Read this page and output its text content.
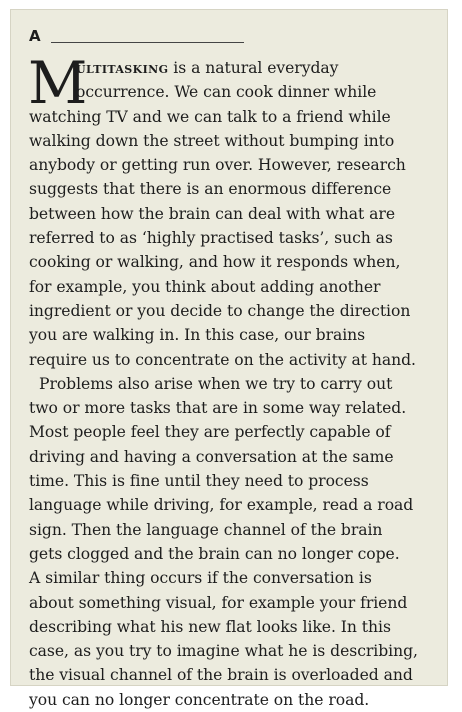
A
M
ultitasking is a natural everyday
occurrence. We can cook dinner while
watching TV and we can talk to a friend while
walking down the street without bumping into
anybody or getting run over. However, research
suggests that there is an enormous difference
between how the brain can deal with what are
referred to as ‘highly practised tasks’, such as
cooking or walking, and how it responds when,
for example, you think about adding another
ingredient or you decide to change the direction
you are walking in. In this case, our brains
require us to concentrate on the activity at hand.
Problems also arise when we try to carry out
two or more tasks that are in some way related.
Most people feel they are perfectly capable of
driving and having a conversation at the same
time. This is fine until they need to process
language while driving, for example, read a road
sign. Then the language channel of the brain
gets clogged and the brain can no longer cope.
A similar thing occurs if the conversation is
about something visual, for example your friend
describing what his new flat looks like. In this
case, as you try to imagine what he is describing,
the visual channel of the brain is overloaded and
you can no longer concentrate on the road.
